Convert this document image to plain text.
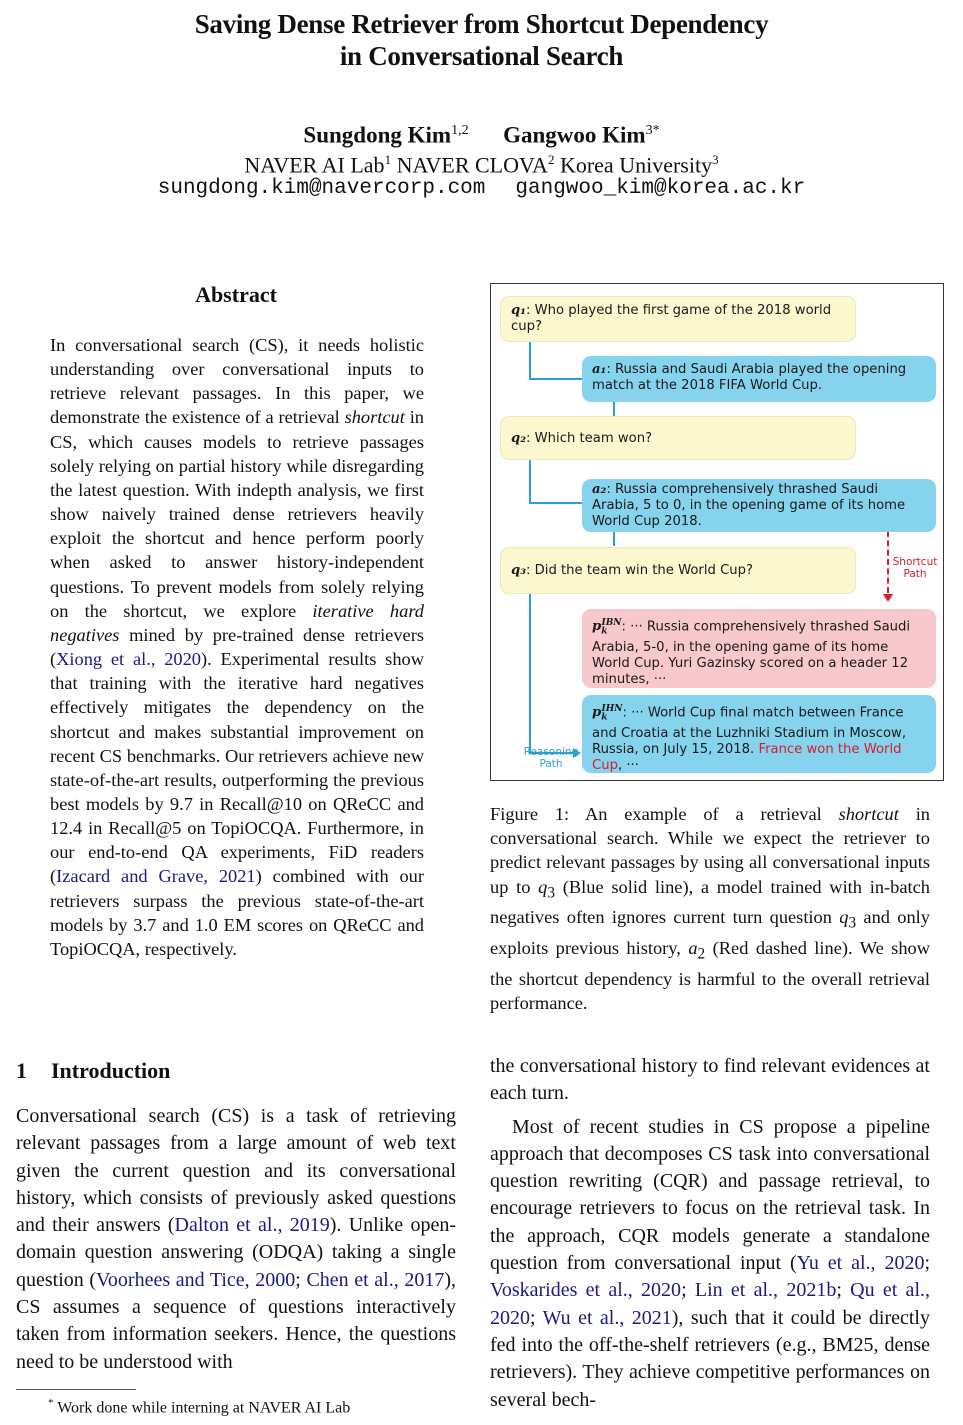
Saving Dense Retriever from Shortcut Dependency
in Conversational Search
Sungdong Kim$^{1,2}$ Gangwoo Kim$^{3*}$
NAVER AI Lab$^1$ NAVER CLOVA$^2$ Korea University$^3$
sungdong.kim@navercorp.com gangwoo_kim@korea.ac.kr
Abstract
In conversational search (CS), it needs holistic understanding over conversational inputs to retrieve relevant passages. In this paper, we demonstrate the existence of a retrieval shortcut in CS, which causes models to retrieve passages solely relying on partial history while disregarding the latest question. With indepth analysis, we first show naively trained dense retrievers heavily exploit the shortcut and hence perform poorly when asked to answer history-independent questions. To prevent models from solely relying on the shortcut, we explore iterative hard negatives mined by pre-trained dense retrievers (Xiong et al., 2020). Experimental results show that training with the iterative hard negatives effectively mitigates the dependency on the shortcut and makes substantial improvement on recent CS benchmarks. Our retrievers achieve new state-of-the-art results, outperforming the previous best models by 9.7 in Recall@10 on QReCC and 12.4 in Recall@5 on TopiOCQA. Furthermore, in our end-to-end QA experiments, FiD readers (Izacard and Grave, 2021) combined with our retrievers surpass the previous state-of-the-art models by 3.7 and 1.0 EM scores on QReCC and TopiOCQA, respectively.
Reasoning
Path
Shortcut
Path
q₁: Who played the first game of the 2018 world cup?
a₁: Russia and Saudi Arabia played the opening match at the 2018 FIFA World Cup.
q₂: Which team won?
a₂: Russia comprehensively thrashed Saudi Arabia, 5 to 0, in the opening game of its home World Cup 2018.
q₃: Did the team win the World Cup?
$p_k^{IBN}$: ··· Russia comprehensively thrashed Saudi Arabia, 5-0, in the opening game of its home World Cup. Yuri Gazinsky scored on a header 12 minutes, ···
$p_k^{IHN}$: ··· World Cup final match between France and Croatia at the Luzhniki Stadium in Moscow, Russia, on July 15, 2018. France won the World Cup, ···
Figure 1: An example of a retrieval shortcut in conversational search. While we expect the retriever to predict relevant passages by using all conversational inputs up to $q_3$ (Blue solid line), a model trained with in-batch negatives often ignores current turn question $q_3$ and only exploits previous history, $a_2$ (Red dashed line). We show the shortcut dependency is harmful to the overall retrieval performance.
1 Introduction
Conversational search (CS) is a task of retrieving relevant passages from a large amount of web text given the current question and its conversational history, which consists of previously asked questions and their answers (Dalton et al., 2019). Unlike open-domain question answering (ODQA) taking a single question (Voorhees and Tice, 2000; Chen et al., 2017), CS assumes a sequence of questions interactively taken from information seekers. Hence, the questions need to be understood with

the conversational history to find relevant evidences at each turn.

Most of recent studies in CS propose a pipeline approach that decomposes CS task into conversational question rewriting (CQR) and passage retrieval, to encourage retrievers to focus on the retrieval task. In the approach, CQR models generate a standalone question from conversational input (Yu et al., 2020; Voskarides et al., 2020; Lin et al., 2021b; Qu et al., 2020; Wu et al., 2021), such that it could be directly fed into the off-the-shelf retrievers (e.g., BM25, dense retrievers). They achieve competitive performances on several bech-

* Work done while interning at NAVER AI Lab
